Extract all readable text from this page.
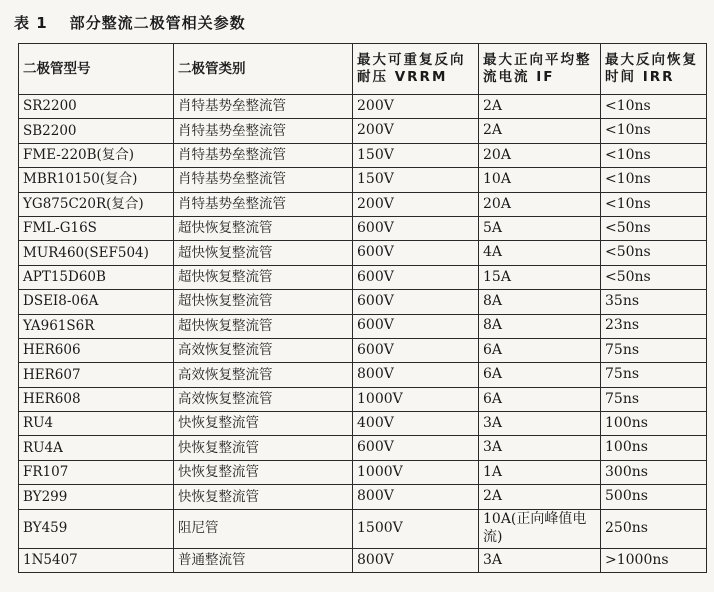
表 1 部分整流二极管相关参数
二极管型号	二极管类别	最大可重复反向耐压 VRRM	最大正向平均整流电流 IF	最大反向恢复时间 IRR
SR2200	肖特基势垒整流管	200V	2A	<10ns
SB2200	肖特基势垒整流管	200V	2A	<10ns
FME-220B(复合)	肖特基势垒整流管	150V	20A	<10ns
MBR10150(复合)	肖特基势垒整流管	150V	10A	<10ns
YG875C20R(复合)	肖特基势垒整流管	200V	20A	<10ns
FML-G16S	超快恢复整流管	600V	5A	<50ns
MUR460(SEF504)	超快恢复整流管	600V	4A	<50ns
APT15D60B	超快恢复整流管	600V	15A	<50ns
DSEI8-06A	超快恢复整流管	600V	8A	35ns
YA961S6R	超快恢复整流管	600V	8A	23ns
HER606	高效恢复整流管	600V	6A	75ns
HER607	高效恢复整流管	800V	6A	75ns
HER608	高效恢复整流管	1000V	6A	75ns
RU4	快恢复整流管	400V	3A	100ns
RU4A	快恢复整流管	600V	3A	100ns
FR107	快恢复整流管	1000V	1A	300ns
BY299	快恢复整流管	800V	2A	500ns
BY459	阻尼管	1500V	10A(正向峰值电流)	250ns
1N5407	普通整流管	800V	3A	>1000ns
